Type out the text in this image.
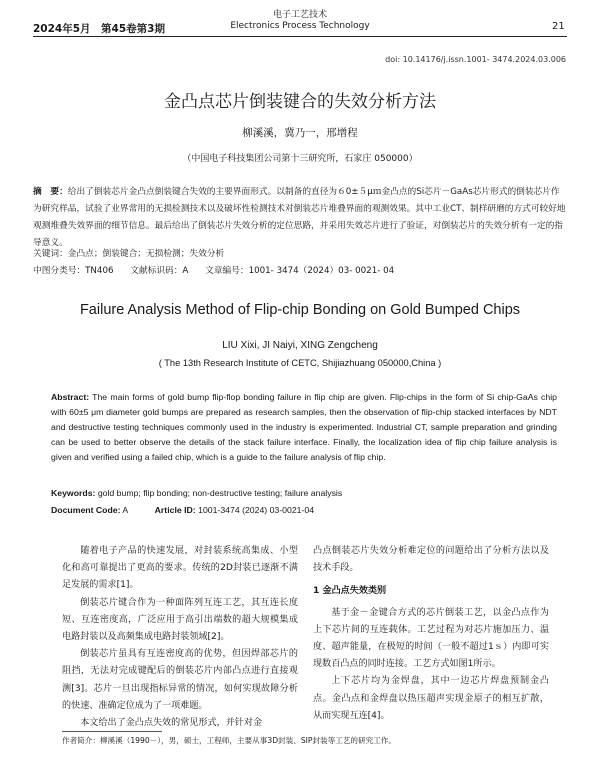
2024年5月　第45卷第3期
电子工艺技术
Electronics Process Technology	21
doi: 10.14176/j.issn.1001- 3474.2024.03.006
金凸点芯片倒装键合的失效分析方法
柳溪溪，冀乃一，邢增程
（中国电子科技集团公司第十三研究所，石家庄 050000）
摘　要：给出了倒装芯片金凸点倒装键合失效的主要界面形式。以制备的直径为６0±５μｍ金凸点的Si芯片－GaAs芯片形式的倒装芯片作为研究样品，试验了业界常用的无损检测技术以及破坏性检测技术对倒装芯片堆叠界面的观测效果。其中工业CT、制样研磨的方式可较好地观测堆叠失效界面的细节信息。最后给出了倒装芯片失效分析的定位思路，并采用失效芯片进行了验证，对倒装芯片的失效分析有一定的指导意义。
关键词：金凸点；倒装键合；无损检测；失效分析
中图分类号：TN406 文献标识码：A 文章编号：1001- 3474（2024）03- 0021- 04
Failure Analysis Method of Flip-chip Bonding on Gold Bumped Chips
LIU Xixi, JI Naiyi, XING Zengcheng
( The 13th Research Institute of CETC, Shijiazhuang 050000,China )
Abstract: The main forms of gold bump flip-flop bonding failure in flip chip are given. Flip-chips in the form of Si chip-GaAs chip with 60±5 μm diameter gold bumps are prepared as research samples, then the observation of flip-chip stacked interfaces by NDT and destructive testing techniques commonly used in the industry is experimented. Industrial CT, sample preparation and grinding can be used to better observe the details of the stack failure interface. Finally, the localization idea of flip chip failure analysis is given and verified using a failed chip, which is a guide to the failure analysis of flip chip.
Keywords: gold bump; flip bonding; non-destructive testing; failure analysis
Document Code: A	Article ID: 1001-3474 (2024) 03-0021-04

随着电子产品的快速发展，对封装系统高集成、小型化和高可靠提出了更高的要求。传统的2D封装已逐渐不满足发展的需求[1]。

倒装芯片键合作为一种面阵列互连工艺，其互连长度短、互连密度高，广泛应用于高引出端数的超大规模集成电路封装以及高频集成电路封装领域[2]。

倒装芯片虽具有互连密度高的优势，但因焊部芯片的阻挡，无法对完成键配后的倒装芯片内部凸点进行直接观测[3]。芯片一旦出现指标异常的情况，如何实现故障分析的快速、准确定位成为了一项难题。

本文给出了金凸点失效的常见形式，并针对金

凸点倒装芯片失效分析难定位的问题给出了分析方法以及技术手段。

1 金凸点失效类别

基于金－金键合方式的芯片倒装工艺，以金凸点作为上下芯片间的互连载体。工艺过程为对芯片施加压力、温度、超声能量，在极短的时间（一般不超过1ｓ）内即可实现数百凸点的同时连接。工艺方式如图1所示。

上下芯片均为金焊盘，其中一边芯片焊盘预制金凸点。金凸点和金焊盘以热压超声实现金原子的相互扩散，从而实现互连[4]。

作者简介：柳溪溪（1990－），男，硕士，工程师，主要从事3D封装、SIP封装等工艺的研究工作。
